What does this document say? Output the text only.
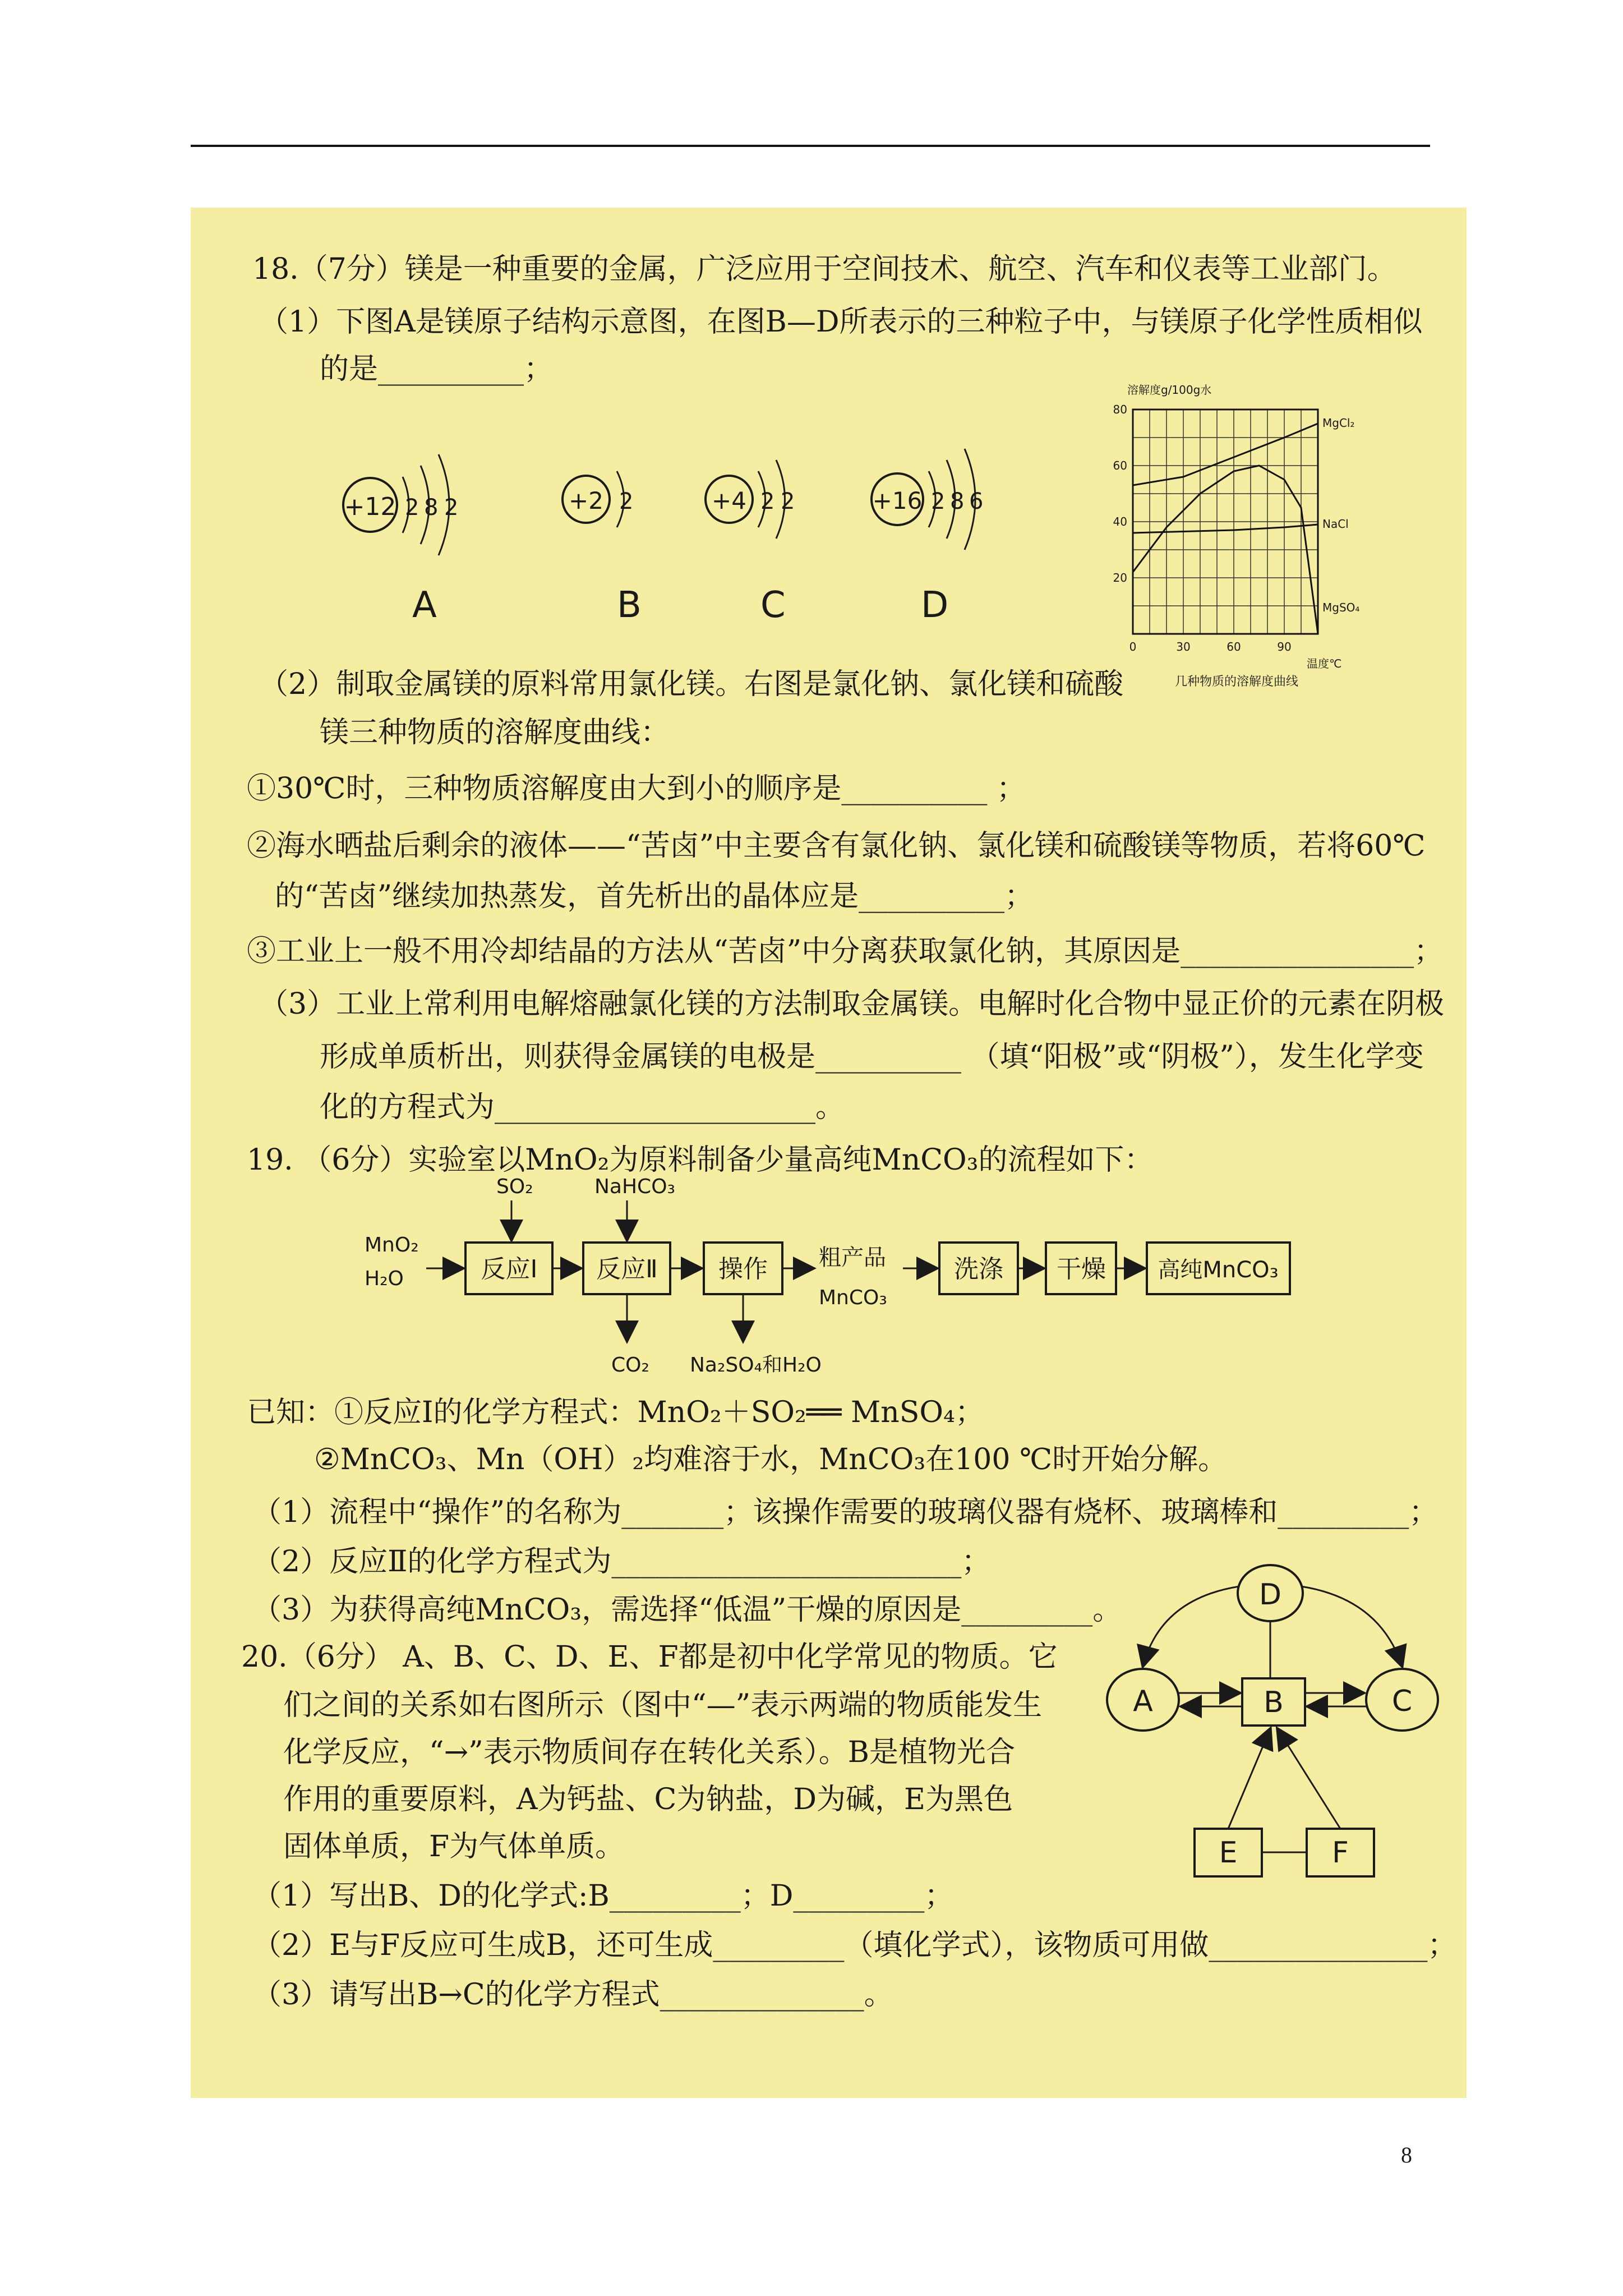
18.（7分）镁是一种重要的金属，广泛应用于空间技术、航空、汽车和仪表等工业部门。
（1）下图A是镁原子结构示意图，在图B—D所表示的三种粒子中，与镁原子化学性质相似
的是__________；
+12 2 8 2
A
+2 2
B
+4 2 2
C
+16 2 8 6
D
0	30	60	90
20
40
60
80
溶解度g/100g水
温度℃
几种物质的溶解度曲线
MgCl₂
NaCl
MgSO₄
（2）制取金属镁的原料常用氯化镁。右图是氯化钠、氯化镁和硫酸
镁三种物质的溶解度曲线：
①30℃时，三种物质溶解度由大到小的顺序是__________ ；
②海水晒盐后剩余的液体——“苦卤”中主要含有氯化钠、氯化镁和硫酸镁等物质，若将60℃
的“苦卤”继续加热蒸发，首先析出的晶体应是__________；
③工业上一般不用冷却结晶的方法从“苦卤”中分离获取氯化钠，其原因是________________；
（3）工业上常利用电解熔融氯化镁的方法制取金属镁。电解时化合物中显正价的元素在阴极
形成单质析出，则获得金属镁的电极是__________ （填“阳极”或“阴极”），发生化学变
化的方程式为______________________。
19. （6分）实验室以MnO₂为原料制备少量高纯MnCO₃的流程如下：
MnO₂
H₂O
SO₂
反应Ⅰ
NaHCO₃
反应Ⅱ
CO₂
操作
Na₂SO₄和H₂O
粗产品
MnCO₃
洗涤 干燥 高纯MnCO₃
已知：①反应Ⅰ的化学方程式：MnO₂＋SO₂══ MnSO₄；
②MnCO₃、Mn（OH）₂均难溶于水，MnCO₃在100 ℃时开始分解。
（1）流程中“操作”的名称为_______；该操作需要的玻璃仪器有烧杯、玻璃棒和_________；
（2）反应Ⅱ的化学方程式为________________________；
（3）为获得高纯MnCO₃，需选择“低温”干燥的原因是_________。
20.（6分） A、B、C、D、E、F都是初中化学常见的物质。它
们之间的关系如右图所示（图中“—”表示两端的物质能发生
化学反应，“→”表示物质间存在转化关系）。B是植物光合
作用的重要原料，A为钙盐、C为钠盐，D为碱，E为黑色
固体单质，F为气体单质。
（1）写出B、D的化学式:B_________；D_________；
（2）E与F反应可生成B，还可生成_________（填化学式），该物质可用做_______________；
（3）请写出B→C的化学方程式______________。
D
A	C
B
E	F
8
